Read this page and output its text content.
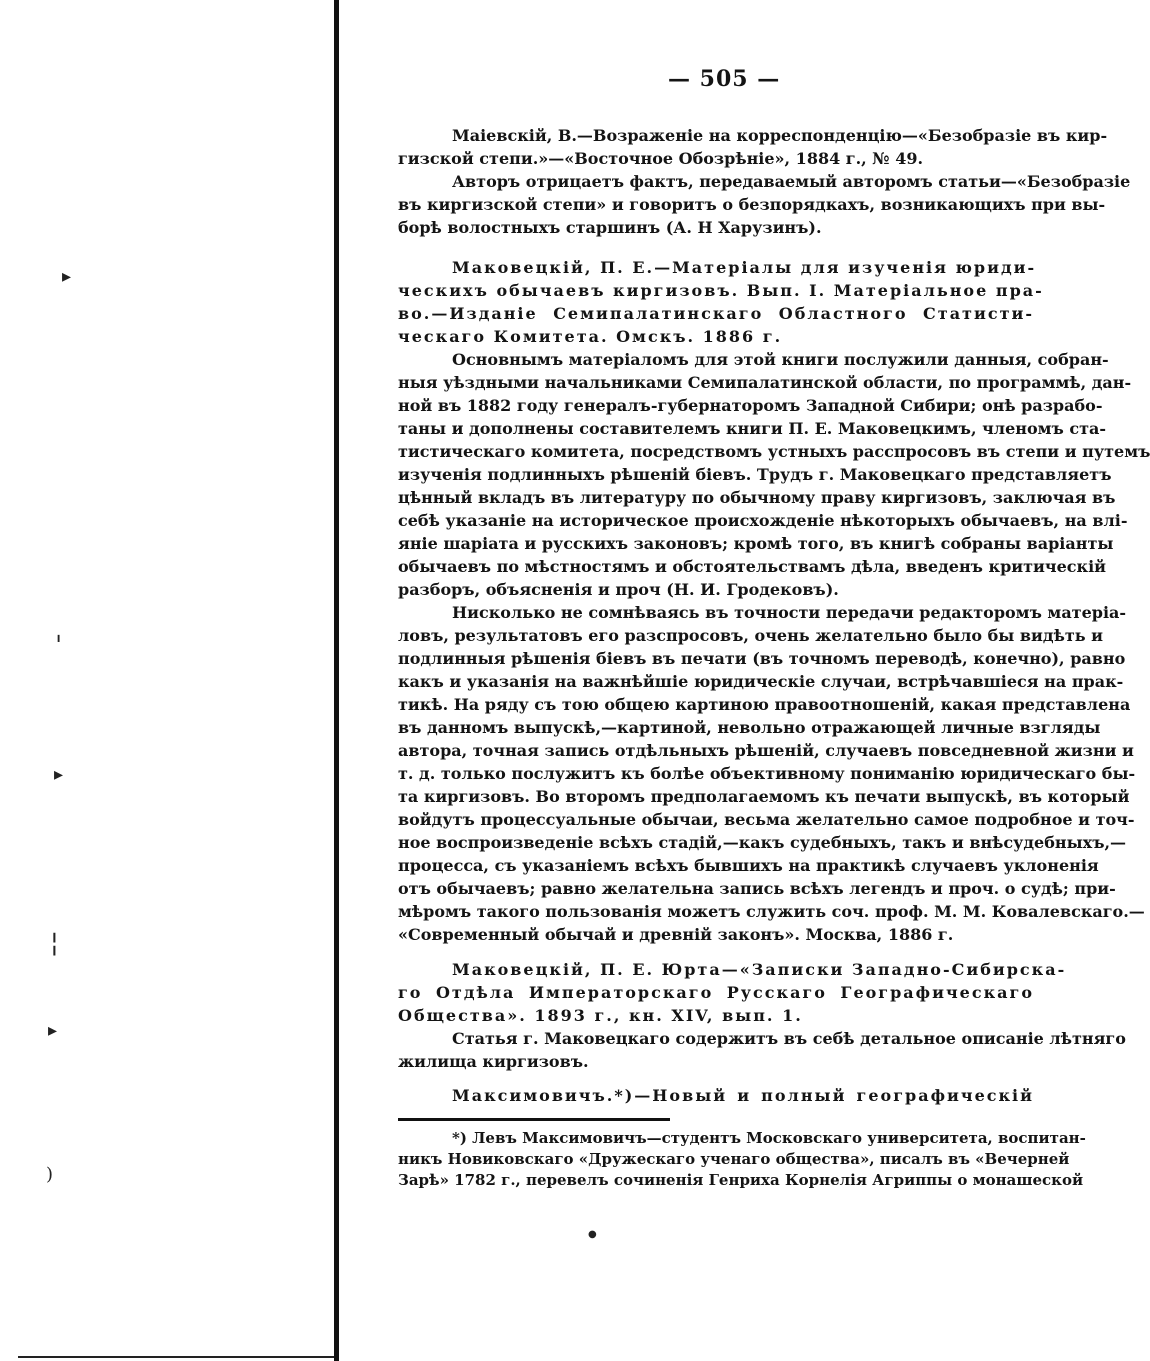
▸
╹
▸
¦
▸
)
●
— 505 —
Маіевскій, В.—Возраженіе на корреспонденцію—«Безобразіе въ кир-
гизской степи.»—«Восточное Обозрѣніе», 1884 г., № 49.
Авторъ отрицаетъ фактъ, передаваемый авторомъ статьи—«Безобразіе
въ киргизской степи» и говоритъ о безпорядкахъ, возникающихъ при вы-
борѣ волостныхъ старшинъ (А. Н Харузинъ).
Маковецкій, П. Е.—Матеріалы для изученія юриди-
ческихъ обычаевъ киргизовъ. Вып. I. Матеріальное пра-
во.—Изданіе Семипалатинскаго Областного Статисти-
ческаго Комитета. Омскъ. 1886 г.
Основнымъ матеріаломъ для этой книги послужили данныя, собран-
ныя уѣздными начальниками Семипалатинской области, по программѣ, дан-
ной въ 1882 году генералъ-губернаторомъ Западной Сибири; онѣ разрабо-
таны и дополнены составителемъ книги П. Е. Маковецкимъ, членомъ ста-
тистическаго комитета, посредствомъ устныхъ расспросовъ въ степи и путемъ
изученія подлинныхъ рѣшеній біевъ. Трудъ г. Маковецкаго представляетъ
цѣнный вкладъ въ литературу по обычному праву киргизовъ, заключая въ
себѣ указаніе на историческое происхожденіе нѣкоторыхъ обычаевъ, на влі-
яніе шаріата и русскихъ законовъ; кромѣ того, въ книгѣ собраны варіанты
обычаевъ по мѣстностямъ и обстоятельствамъ дѣла, введенъ критическій
разборъ, объясненія и проч (Н. И. Гродековъ).
Нисколько не сомнѣваясь въ точности передачи редакторомъ матеріа-
ловъ, результатовъ его разспросовъ, очень желательно было бы видѣть и
подлинныя рѣшенія біевъ въ печати (въ точномъ переводѣ, конечно), равно
какъ и указанія на важнѣйшіе юридическіе случаи, встрѣчавшіеся на прак-
тикѣ. На ряду съ тою общею картиною правоотношеній, какая представлена
въ данномъ выпускѣ,—картиной, невольно отражающей личные взгляды
автора, точная запись отдѣльныхъ рѣшеній, случаевъ повседневной жизни и
т. д. только послужитъ къ болѣе объективному пониманію юридическаго бы-
та киргизовъ. Во второмъ предполагаемомъ къ печати выпускѣ, въ который
войдутъ процессуальные обычаи, весьма желательно самое подробное и точ-
ное воспроизведеніе всѣхъ стадій,—какъ судебныхъ, такъ и внѣсудебныхъ,—
процесса, съ указаніемъ всѣхъ бывшихъ на практикѣ случаевъ уклоненія
отъ обычаевъ; равно желательна запись всѣхъ легендъ и проч. о судѣ; при-
мѣромъ такого пользованія можетъ служить соч. проф. М. М. Ковалевскаго.—
«Современный обычай и древній законъ». Москва, 1886 г.
Маковецкій, П. Е. Юрта—«Записки Западно-Сибирска-
го Отдѣла Императорскаго Русскаго Географическаго
Общества». 1893 г., кн. XIV, вып. 1.
Статья г. Маковецкаго содержитъ въ себѣ детальное описаніе лѣтняго
жилища киргизовъ.
Максимовичъ.*)—Новый и полный географическій
*) Левъ Максимовичъ—студентъ Московскаго университета, воспитан-
никъ Новиковскаго «Дружескаго ученаго общества», писалъ въ «Вечерней
Зарѣ» 1782 г., перевелъ сочиненія Генриха Корнелія Агриппы о монашеской
